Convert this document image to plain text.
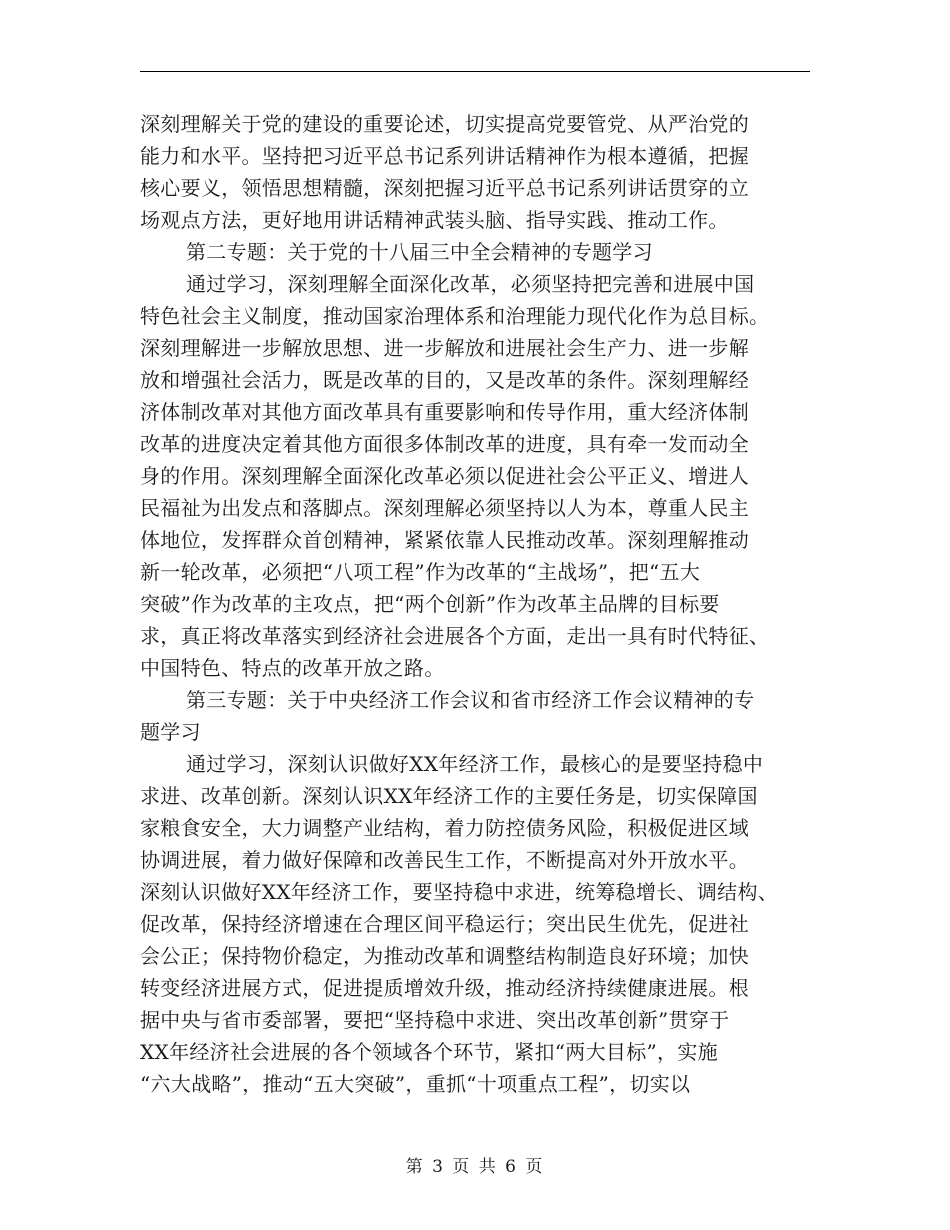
深刻理解关于党的建设的重要论述，切实提高党要管党、从严治党的
能力和水平。坚持把习近平总书记系列讲话精神作为根本遵循，把握
核心要义，领悟思想精髓，深刻把握习近平总书记系列讲话贯穿的立
场观点方法，更好地用讲话精神武装头脑、指导实践、推动工作。
第二专题：关于党的十八届三中全会精神的专题学习
通过学习，深刻理解全面深化改革，必须坚持把完善和进展中国
特色社会主义制度，推动国家治理体系和治理能力现代化作为总目标。
深刻理解进一步解放思想、进一步解放和进展社会生产力、进一步解
放和增强社会活力，既是改革的目的，又是改革的条件。深刻理解经
济体制改革对其他方面改革具有重要影响和传导作用，重大经济体制
改革的进度决定着其他方面很多体制改革的进度，具有牵一发而动全
身的作用。深刻理解全面深化改革必须以促进社会公平正义、增进人
民福祉为出发点和落脚点。深刻理解必须坚持以人为本，尊重人民主
体地位，发挥群众首创精神，紧紧依靠人民推动改革。深刻理解推动
新一轮改革，必须把“八项工程”作为改革的“主战场”，把“五大
突破”作为改革的主攻点，把“两个创新”作为改革主品牌的目标要
求，真正将改革落实到经济社会进展各个方面，走出一具有时代特征、
中国特色、特点的改革开放之路。
第三专题：关于中央经济工作会议和省市经济工作会议精神的专
题学习
通过学习，深刻认识做好XX年经济工作，最核心的是要坚持稳中
求进、改革创新。深刻认识XX年经济工作的主要任务是，切实保障国
家粮食安全，大力调整产业结构，着力防控债务风险，积极促进区域
协调进展，着力做好保障和改善民生工作，不断提高对外开放水平。
深刻认识做好XX年经济工作，要坚持稳中求进，统筹稳增长、调结构、
促改革，保持经济增速在合理区间平稳运行；突出民生优先，促进社
会公正；保持物价稳定，为推动改革和调整结构制造良好环境；加快
转变经济进展方式，促进提质增效升级，推动经济持续健康进展。根
据中央与省市委部署，要把“坚持稳中求进、突出改革创新”贯穿于
XX年经济社会进展的各个领域各个环节，紧扣“两大目标”，实施
“六大战略”，推动“五大突破”，重抓“十项重点工程”，切实以
第 3 页 共 6 页
